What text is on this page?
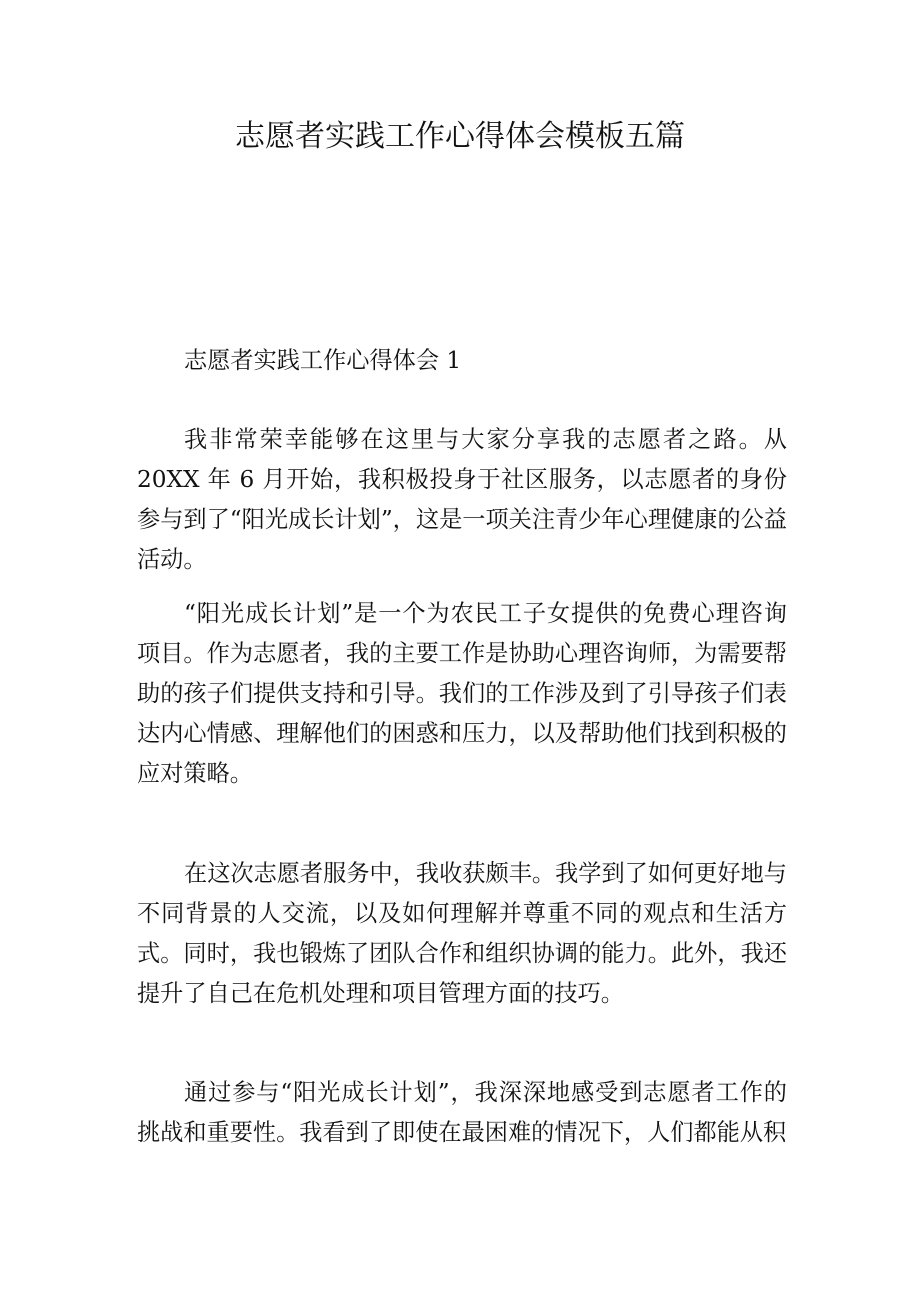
志愿者实践工作心得体会模板五篇
志愿者实践工作心得体会 1

我非常荣幸能够在这里与大家分享我的志愿者之路。从 20XX 年 6 月开始，我积极投身于社区服务，以志愿者的身份参与到了“阳光成长计划”，这是一项关注青少年心理健康的公益活动。

“阳光成长计划”是一个为农民工子女提供的免费心理咨询项目。作为志愿者，我的主要工作是协助心理咨询师，为需要帮助的孩子们提供支持和引导。我们的工作涉及到了引导孩子们表达内心情感、理解他们的困惑和压力，以及帮助他们找到积极的应对策略。

在这次志愿者服务中，我收获颇丰。我学到了如何更好地与不同背景的人交流，以及如何理解并尊重不同的观点和生活方式。同时，我也锻炼了团队合作和组织协调的能力。此外，我还提升了自己在危机处理和项目管理方面的技巧。

通过参与“阳光成长计划”，我深深地感受到志愿者工作的挑战和重要性。我看到了即使在最困难的情况下，人们都能从积
